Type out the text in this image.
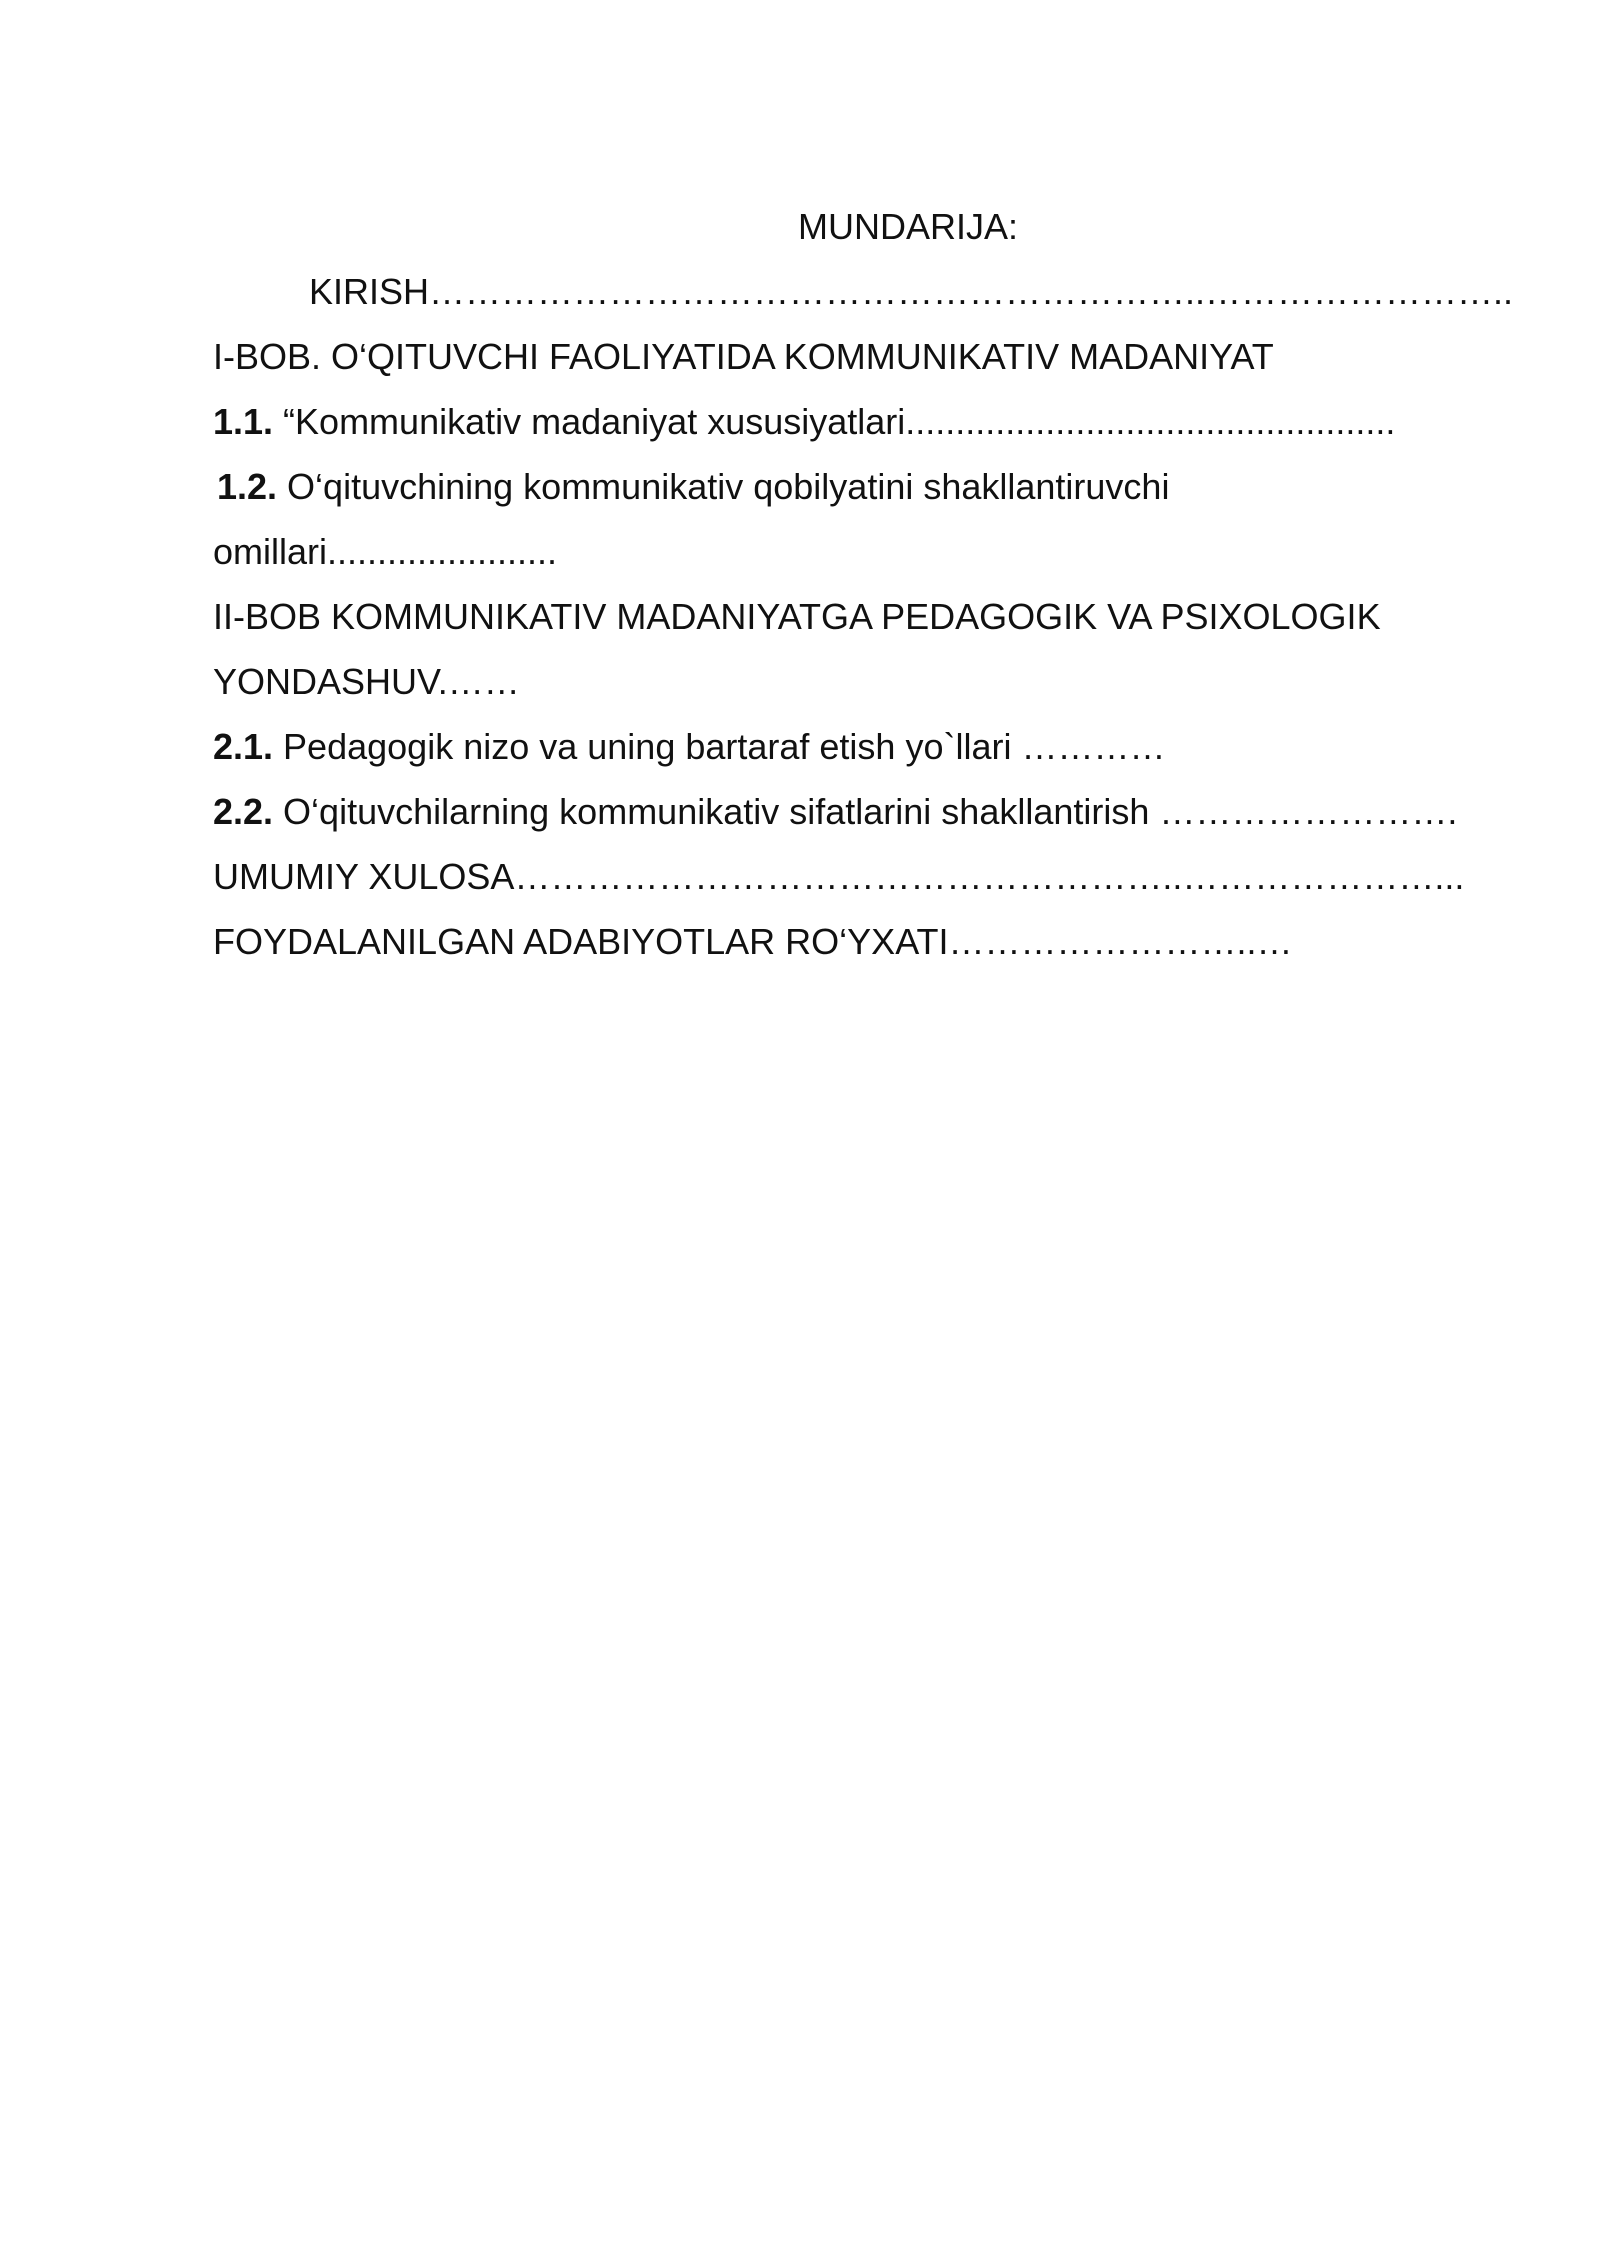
MUNDARIJA:
KIRISH………………………………………………………..……………………..
I-BOB. O‘QITUVCHI FAOLIYATIDA KOMMUNIKATIV MADANIYAT
1.1. “Kommunikativ madaniyat xususiyatlari.................................................
1.2. O‘qituvchining kommunikativ qobilyatini shakllantiruvchi
omillari.......................
II-BOB KOMMUNIKATIV MADANIYATGA PEDAGOGIK VA PSIXOLOGIK
YONDASHUV.……
2.1. Pedagogik nizo va uning bartaraf etish yo`llari …………
2.2. O‘qituvchilarning kommunikativ sifatlarini shakllantirish …………………….
UMUMIY XULOSA………………………………………………..…………………...
FOYDALANILGAN ADABIYOTLAR RO‘YXATI……………………..…
